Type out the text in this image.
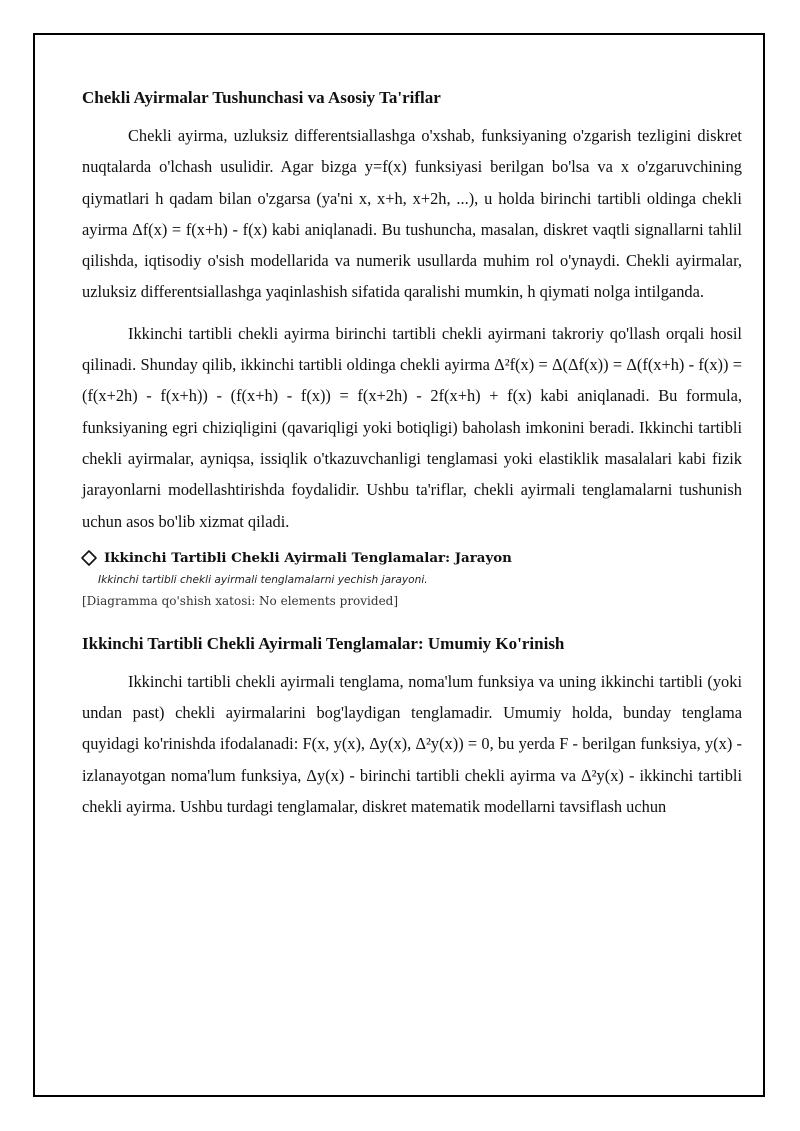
Chekli Ayirmalar Tushunchasi va Asosiy Ta'riflar

Chekli ayirma, uzluksiz differentsiallashga o'xshab, funksiyaning o'zgarish tezligini diskret nuqtalarda o'lchash usulidir. Agar bizga y=f(x) funksiyasi berilgan bo'lsa va x o'zgaruvchining qiymatlari h qadam bilan o'zgarsa (ya'ni x, x+h, x+2h, ...), u holda birinchi tartibli oldinga chekli ayirma Δf(x) = f(x+h) - f(x) kabi aniqlanadi. Bu tushuncha, masalan, diskret vaqtli signallarni tahlil qilishda, iqtisodiy o'sish modellarida va numerik usullarda muhim rol o'ynaydi. Chekli ayirmalar, uzluksiz differentsiallashga yaqinlashish sifatida qaralishi mumkin, h qiymati nolga intilganda.

Ikkinchi tartibli chekli ayirma birinchi tartibli chekli ayirmani takroriy qo'llash orqali hosil qilinadi. Shunday qilib, ikkinchi tartibli oldinga chekli ayirma Δ²f(x) = Δ(Δf(x)) = Δ(f(x+h) - f(x)) = (f(x+2h) - f(x+h)) - (f(x+h) - f(x)) = f(x+2h) - 2f(x+h) + f(x) kabi aniqlanadi. Bu formula, funksiyaning egri chiziqligini (qavariqligi yoki botiqligi) baholash imkonini beradi. Ikkinchi tartibli chekli ayirmalar, ayniqsa, issiqlik o'tkazuvchanligi tenglamasi yoki elastiklik masalalari kabi fizik jarayonlarni modellashtirishda foydalidir. Ushbu ta'riflar, chekli ayirmali tenglamalarni tushunish uchun asos bo'lib xizmat qiladi.

Ikkinchi Tartibli Chekli Ayirmali Tenglamalar: Jarayon
Ikkinchi tartibli chekli ayirmali tenglamalarni yechish jarayoni.
[Diagramma qo'shish xatosi: No elements provided]
Ikkinchi Tartibli Chekli Ayirmali Tenglamalar: Umumiy Ko'rinish

Ikkinchi tartibli chekli ayirmali tenglama, noma'lum funksiya va uning ikkinchi tartibli (yoki undan past) chekli ayirmalarini bog'laydigan tenglamadir. Umumiy holda, bunday tenglama quyidagi ko'rinishda ifodalanadi: F(x, y(x), Δy(x), Δ²y(x)) = 0, bu yerda F - berilgan funksiya, y(x) - izlanayotgan noma'lum funksiya, Δy(x) - birinchi tartibli chekli ayirma va Δ²y(x) - ikkinchi tartibli chekli ayirma. Ushbu turdagi tenglamalar, diskret matematik modellarni tavsiflash uchun
